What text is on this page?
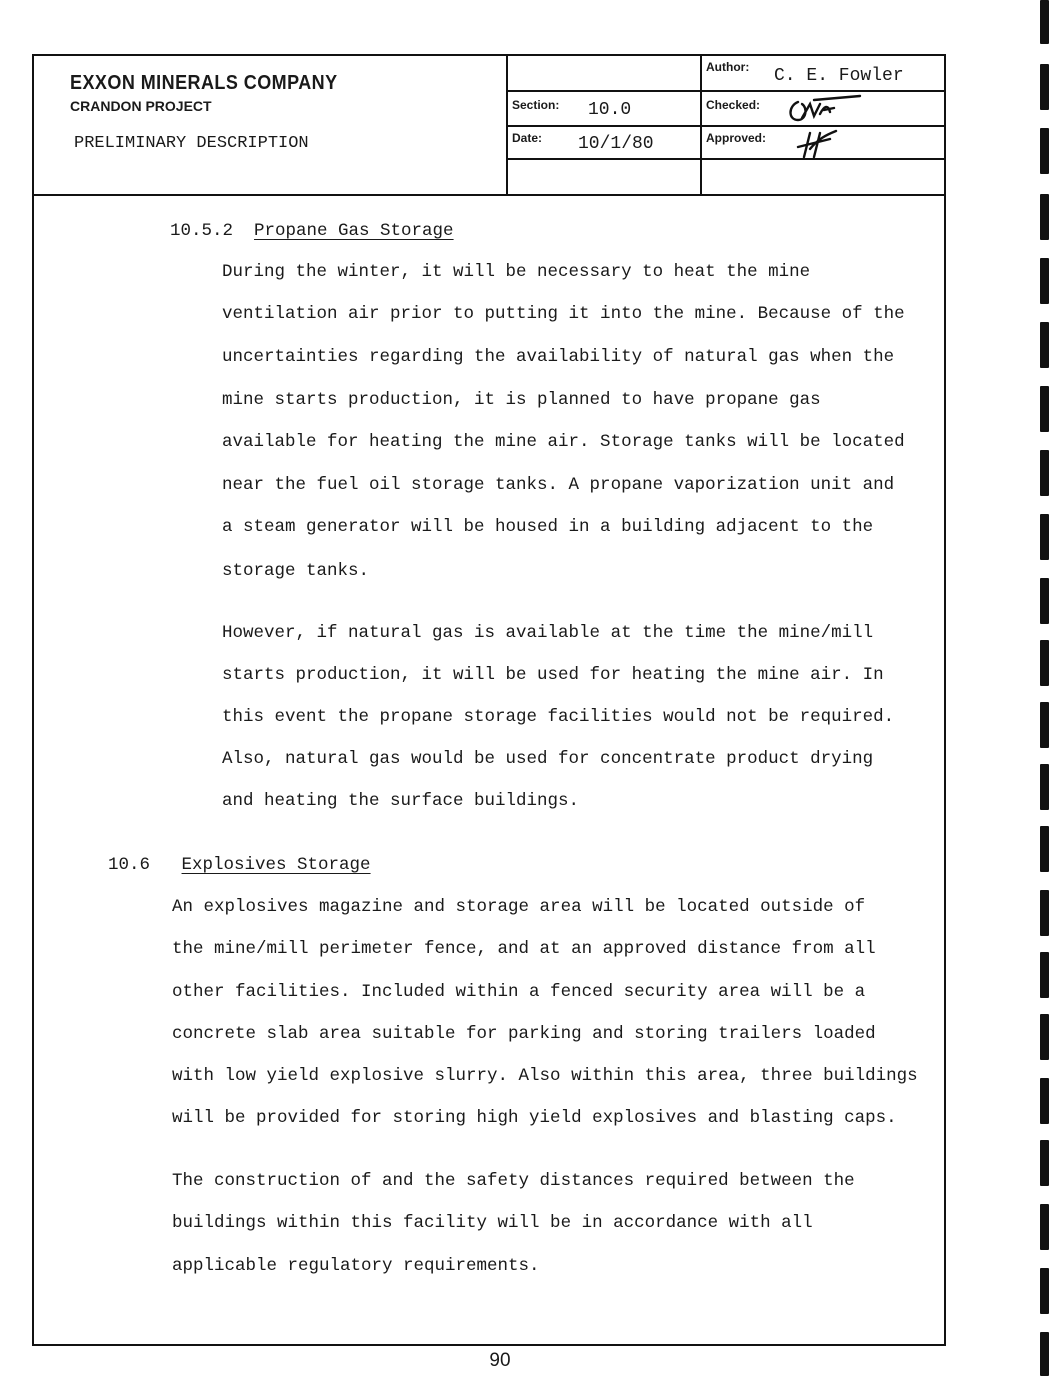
EXXON MINERALS COMPANY
CRANDON PROJECT
PRELIMINARY DESCRIPTION
Section: 10.0
Date: 10/1/80
Author: C. E. Fowler
Checked:
Approved:
10.5.2 Propane Gas Storage
During the winter, it will be necessary to heat the mine
ventilation air prior to putting it into the mine. Because of the
uncertainties regarding the availability of natural gas when the
mine starts production, it is planned to have propane gas
available for heating the mine air. Storage tanks will be located
near the fuel oil storage tanks. A propane vaporization unit and
a steam generator will be housed in a building adjacent to the
storage tanks.
However, if natural gas is available at the time the mine/mill
starts production, it will be used for heating the mine air. In
this event the propane storage facilities would not be required.
Also, natural gas would be used for concentrate product drying
and heating the surface buildings.
10.6 Explosives Storage
An explosives magazine and storage area will be located outside of
the mine/mill perimeter fence, and at an approved distance from all
other facilities. Included within a fenced security area will be a
concrete slab area suitable for parking and storing trailers loaded
with low yield explosive slurry. Also within this area, three buildings
will be provided for storing high yield explosives and blasting caps.
The construction of and the safety distances required between the
buildings within this facility will be in accordance with all
applicable regulatory requirements.
90
